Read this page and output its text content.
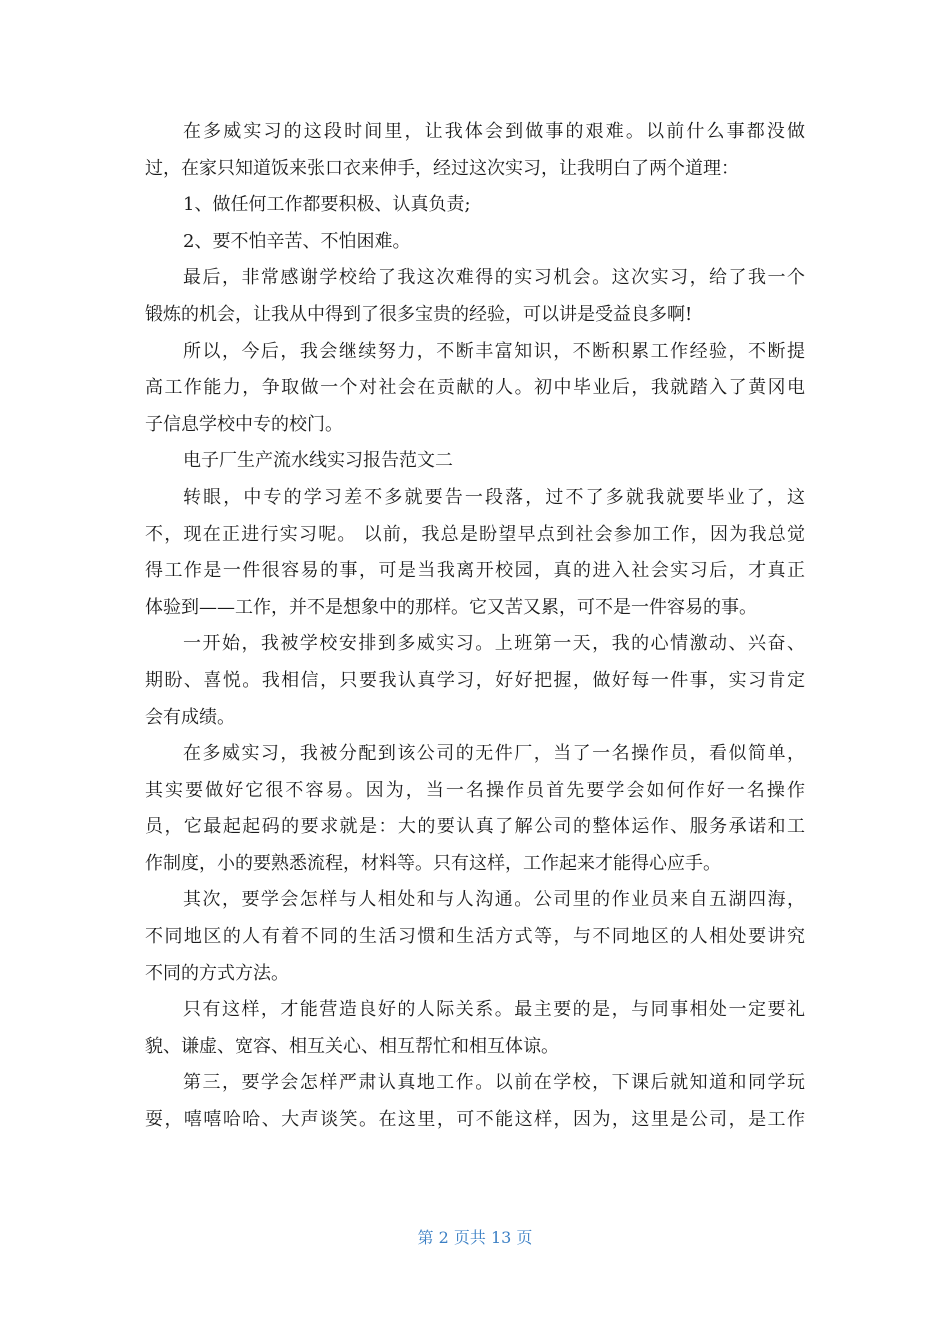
在多威实习的这段时间里，让我体会到做事的艰难。以前什么事都没做
过，在家只知道饭来张口衣来伸手，经过这次实习，让我明白了两个道理：
1、做任何工作都要积极、认真负责;
2、要不怕辛苦、不怕困难。
最后，非常感谢学校给了我这次难得的实习机会。这次实习，给了我一个
锻炼的机会，让我从中得到了很多宝贵的经验，可以讲是受益良多啊!
所以，今后，我会继续努力，不断丰富知识，不断积累工作经验，不断提
高工作能力，争取做一个对社会在贡献的人。初中毕业后，我就踏入了黄冈电
子信息学校中专的校门。
电子厂生产流水线实习报告范文二
转眼，中专的学习差不多就要告一段落，过不了多就我就要毕业了，这
不，现在正进行实习呢。 以前，我总是盼望早点到社会参加工作，因为我总觉
得工作是一件很容易的事，可是当我离开校园，真的进入社会实习后，才真正
体验到——工作，并不是想象中的那样。它又苦又累，可不是一件容易的事。
一开始，我被学校安排到多威实习。上班第一天，我的心情激动、兴奋、
期盼、喜悦。我相信，只要我认真学习，好好把握，做好每一件事，实习肯定
会有成绩。
在多威实习，我被分配到该公司的无件厂，当了一名操作员，看似简单，
其实要做好它很不容易。因为，当一名操作员首先要学会如何作好一名操作
员，它最起起码的要求就是：大的要认真了解公司的整体运作、服务承诺和工
作制度，小的要熟悉流程，材料等。只有这样，工作起来才能得心应手。
其次，要学会怎样与人相处和与人沟通。公司里的作业员来自五湖四海，
不同地区的人有着不同的生活习惯和生活方式等，与不同地区的人相处要讲究
不同的方式方法。
只有这样，才能营造良好的人际关系。最主要的是，与同事相处一定要礼
貌、谦虚、宽容、相互关心、相互帮忙和相互体谅。
第三，要学会怎样严肃认真地工作。以前在学校，下课后就知道和同学玩
耍，嘻嘻哈哈、大声谈笑。在这里，可不能这样，因为，这里是公司，是工作
第 2 页共 13 页
